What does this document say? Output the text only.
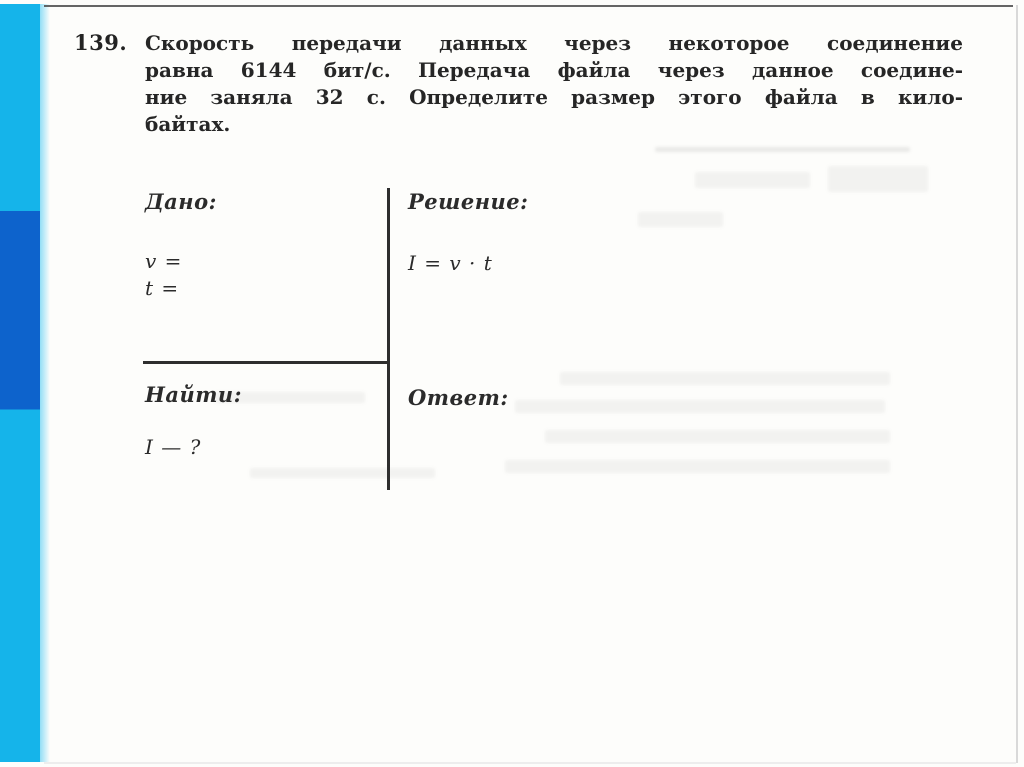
139. Скорость передачи данных через некоторое соединение
равна 6144 бит/с. Передача файла через данное соедине-
ние заняла 32 с. Определите размер этого файла в кило-
байтах.
Дано:
v =
t =
Решение:
I = v · t
Найти:
I — ?
Ответ:
